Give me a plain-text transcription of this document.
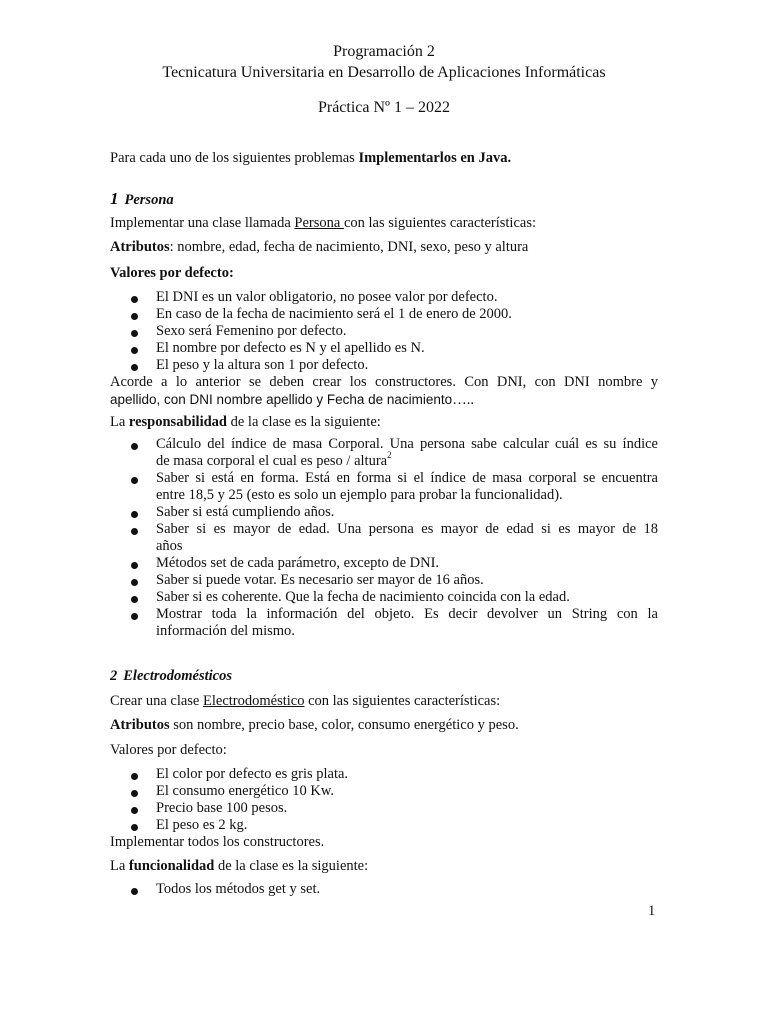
Programación 2
Tecnicatura Universitaria en Desarrollo de Aplicaciones Informáticas
Práctica Nº 1 – 2022
Para cada uno de los siguientes problemas Implementarlos en Java.
1 Persona
Implementar una clase llamada Persona con las siguientes características:
Atributos: nombre, edad, fecha de nacimiento, DNI, sexo, peso y altura
Valores por defecto:
El DNI es un valor obligatorio, no posee valor por defecto.
En caso de la fecha de nacimiento será el 1 de enero de 2000.
Sexo será Femenino por defecto.
El nombre por defecto es N y el apellido es N.
El peso y la altura son 1 por defecto.
Acorde a lo anterior se deben crear los constructores. Con DNI, con DNI nombre y
apellido, con DNI nombre apellido y Fecha de nacimiento…..
La responsabilidad de la clase es la siguiente:
Cálculo del índice de masa Corporal. Una persona sabe calcular cuál es su índice
de masa corporal el cual es peso / altura$^2$
Saber si está en forma. Está en forma si el índice de masa corporal se encuentra
entre 18,5 y 25 (esto es solo un ejemplo para probar la funcionalidad).
Saber si está cumpliendo años.
Saber si es mayor de edad. Una persona es mayor de edad si es mayor de 18
años
Métodos set de cada parámetro, excepto de DNI.
Saber si puede votar. Es necesario ser mayor de 16 años.
Saber si es coherente. Que la fecha de nacimiento coincida con la edad.
Mostrar toda la información del objeto. Es decir devolver un String con la
información del mismo.
2 Electrodomésticos
Crear una clase Electrodoméstico con las siguientes características:
Atributos son nombre, precio base, color, consumo energético y peso.
Valores por defecto:
El color por defecto es gris plata.
El consumo energético 10 Kw.
Precio base 100 pesos.
El peso es 2 kg.
Implementar todos los constructores.
La funcionalidad de la clase es la siguiente:
Todos los métodos get y set.
1
